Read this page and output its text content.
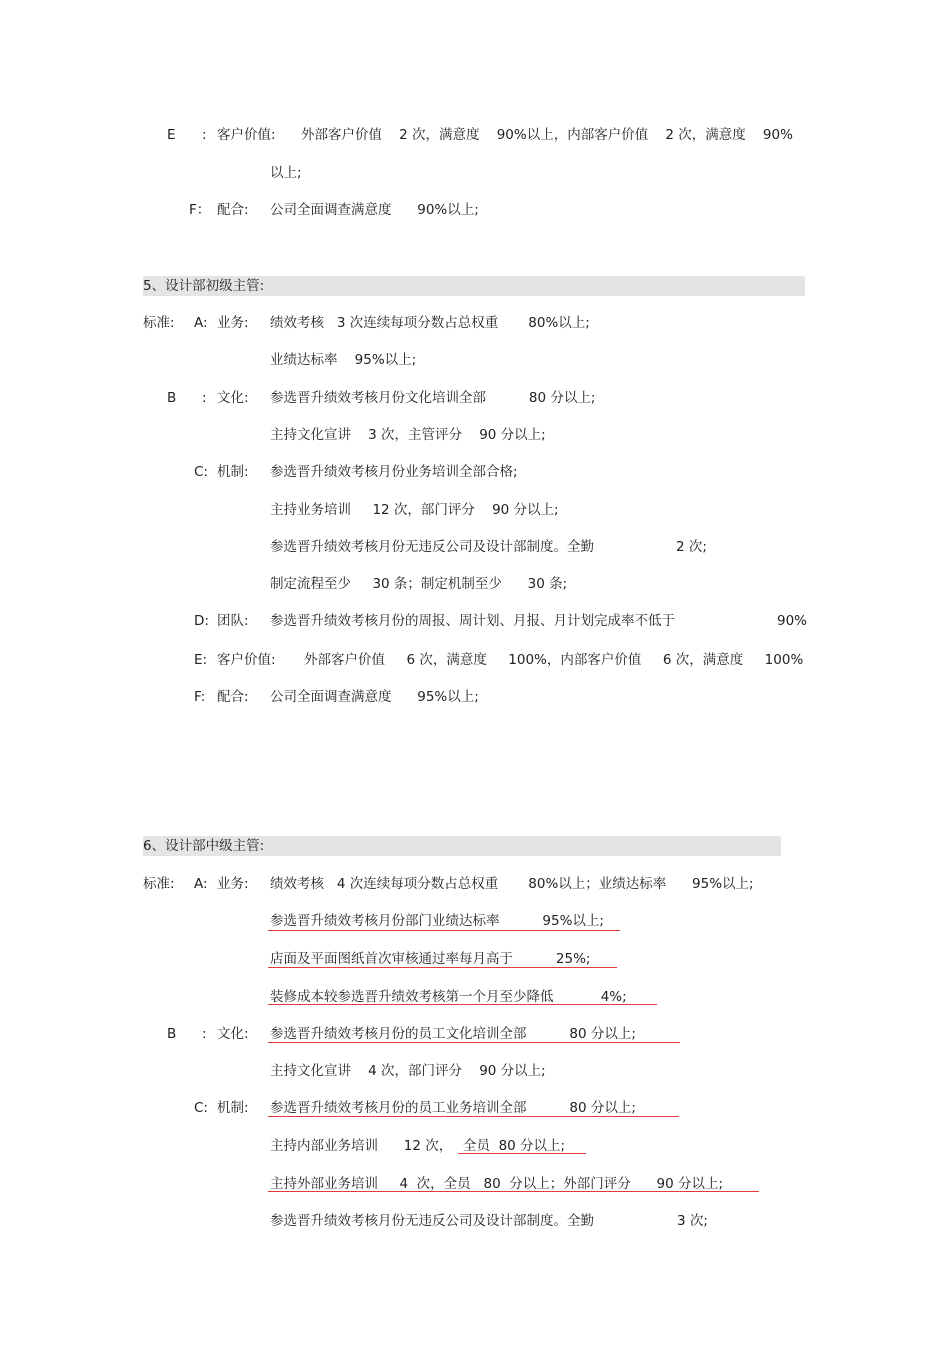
E : 客户价值: 外部客户价值    2 次，满意度    90%以上，内部客户价值    2 次，满意度    90%
以上;
F： 配合: 公司全面调查满意度      90%以上;
5、设计部初级主管:
标准: A: 业务: 绩效考核   3 次连续每项分数占总权重       80%以上;
业绩达标率    95%以上;
B : 文化: 参选晋升绩效考核月份文化培训全部          80 分以上;
主持文化宣讲    3 次，主管评分    90 分以上;
C: 机制: 参选晋升绩效考核月份业务培训全部合格;
主持业务培训     12 次，部门评分    90 分以上;
参选晋升绩效考核月份无违反公司及设计部制度。全勤	2 次;
制定流程至少     30 条；制定机制至少      30 条;
D: 团队: 参选晋升绩效考核月份的周报、周计划、月报、月计划完成率不低于	90%
E: 客户价值: 外部客户价值     6 次，满意度     100%，内部客户价值     6 次，满意度     100%
F: 配合: 公司全面调查满意度      95%以上;
6、设计部中级主管:
标准: A: 业务: 绩效考核   4 次连续每项分数占总权重       80%以上；业绩达标率      95%以上;
参选晋升绩效考核月份部门业绩达标率          95%以上;
店面及平面图纸首次审核通过率每月高于          25%;
装修成本较参选晋升绩效考核第一个月至少降低           4%;
B : 文化: 参选晋升绩效考核月份的员工文化培训全部          80 分以上;
主持文化宣讲    4 次，部门评分    90 分以上;
C: 机制: 参选晋升绩效考核月份的员工业务培训全部          80 分以上;
主持内部业务培训      12 次， 全员  80 分以上;
主持外部业务培训     4  次，全员   80  分以上；外部门评分      90 分以上;
参选晋升绩效考核月份无违反公司及设计部制度。全勤	3 次;
